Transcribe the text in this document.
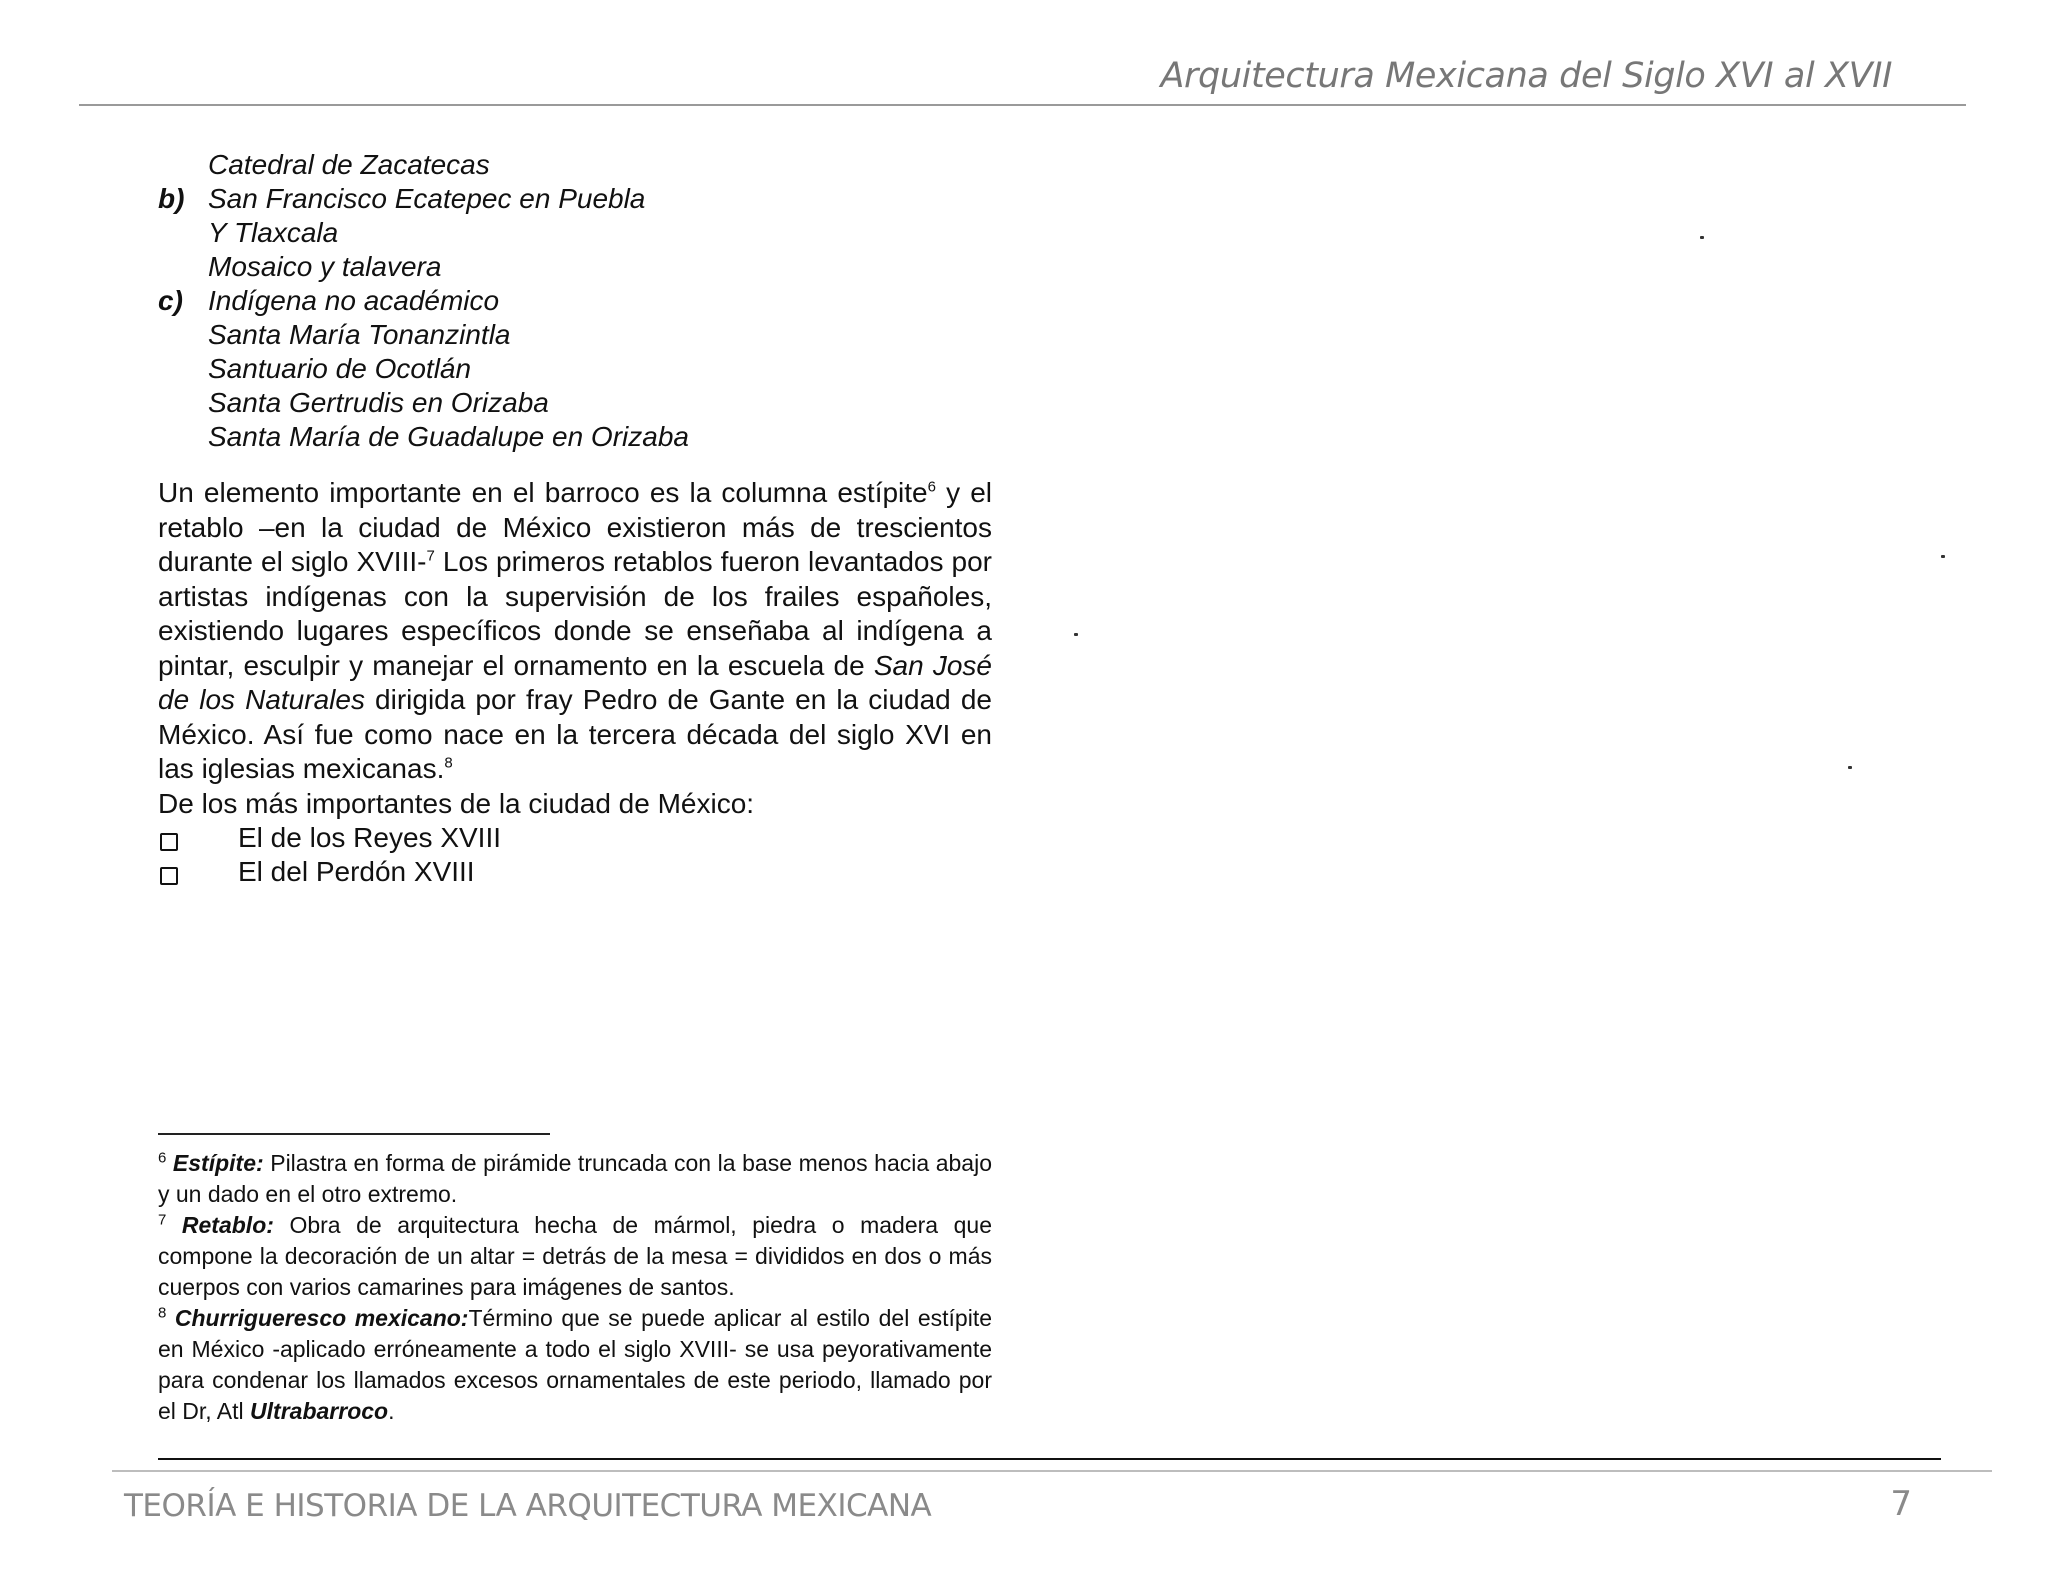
Arquitectura Mexicana del Siglo XVI al XVII
Catedral de Zacatecas
b) San Francisco Ecatepec en Puebla
Y Tlaxcala
Mosaico y talavera
c) Indígena no académico
Santa María Tonanzintla
Santuario de Ocotlán
Santa Gertrudis en Orizaba
Santa María de Guadalupe en Orizaba

Un elemento importante en el barroco es la columna estípite$^6$ y el retablo –en la ciudad de México existieron más de trescientos durante el siglo XVIII-$^7$ Los primeros retablos fueron levantados por artistas indígenas con la supervisión de los frailes españoles, existiendo lugares específicos donde se enseñaba al indígena a pintar, esculpir y manejar el ornamento en la escuela de San José de los Naturales dirigida por fray Pedro de Gante en la ciudad de México. Así fue como nace en la tercera década del siglo XVI en las iglesias mexicanas.$^8$

De los más importantes de la ciudad de México:
El de los Reyes XVIII
El del Perdón XVIII

$^6$ Estípite: Pilastra en forma de pirámide truncada con la base menos hacia abajo y un dado en el otro extremo.

$^7$ Retablo: Obra de arquitectura hecha de mármol, piedra o madera que compone la decoración de un altar = detrás de la mesa = divididos en dos o más cuerpos con varios camarines para imágenes de santos.

$^8$ Churrigueresco mexicano:Término que se puede aplicar al estilo del estípite en México -aplicado erróneamente a todo el siglo XVIII- se usa peyorativamente para condenar los llamados excesos ornamentales de este periodo, llamado por el Dr, Atl Ultrabarroco.

TEORÍA E HISTORIA DE LA ARQUITECTURA MEXICANA	7
